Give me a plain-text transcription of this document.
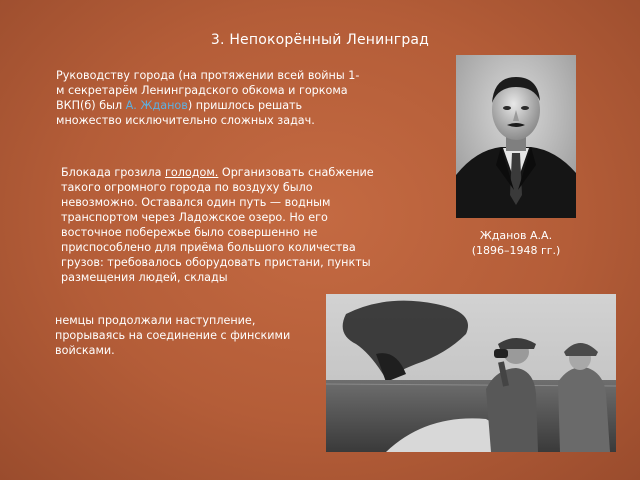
3. Непокорённый Ленинград
Руководству города (на протяжении всей войны 1-м секретарём Ленинградского обкома и горкома ВКП(б) был А. Жданов) пришлось решать множество исключительно сложных задач.
Блокада грозила голодом. Организовать снабжение такого огромного города по воздуху было невозможно. Оставался один путь — водным транспортом через Ладожское озеро. Но его восточное побережье было совершенно не приспособлено для приёма большого количества грузов: требовалось оборудовать пристани, пункты размещения людей, склады
немцы продолжали наступление, прорываясь на соединение с финскими войсками.
Жданов А.А.
(1896–1948 гг.)
